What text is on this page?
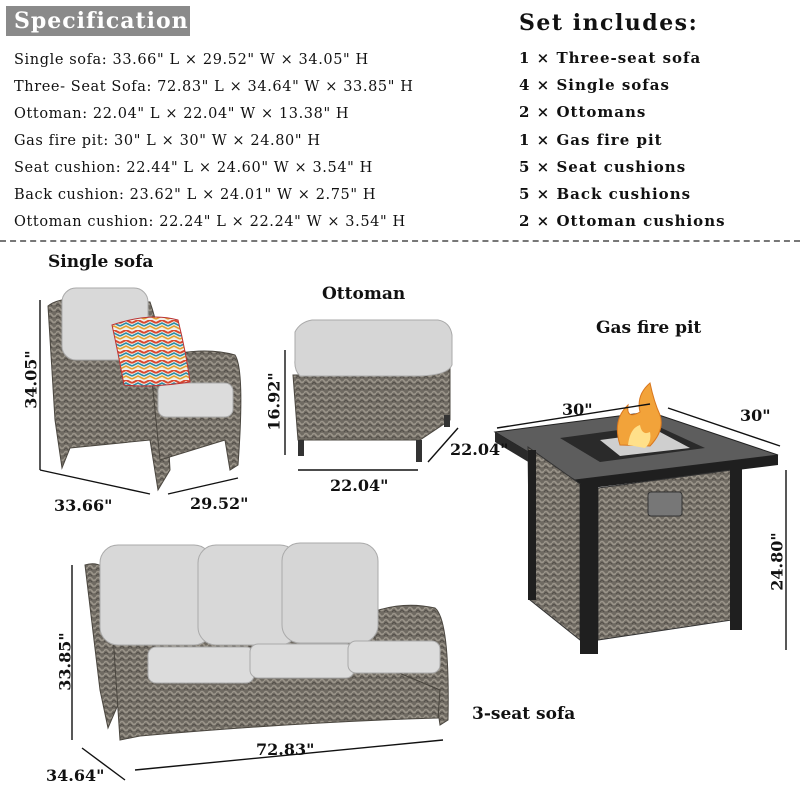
Specification:
Single sofa: 33.66" L × 29.52" W × 34.05" H
Three- Seat Sofa: 72.83" L × 34.64" W × 33.85" H
Ottoman: 22.04" L × 22.04" W × 13.38" H
Gas fire pit: 30" L × 30" W × 24.80" H
Seat cushion: 22.44" L × 24.60" W × 3.54" H
Back cushion: 23.62" L × 24.01" W × 2.75" H
Ottoman cushion: 22.24" L × 22.24" W × 3.54" H
Set includes:
1 × Three-seat sofa
4 × Single sofas
2 × Ottomans
1 × Gas fire pit
5 × Seat cushions
5 × Back cushions
2 × Ottoman cushions
Single sofa
Ottoman
Gas fire pit
3-seat sofa
34.05"
33.66"	29.52"
16.92"
22.04"
22.04"
30"	30"
24.80"
33.85"
72.83"
34.64"
